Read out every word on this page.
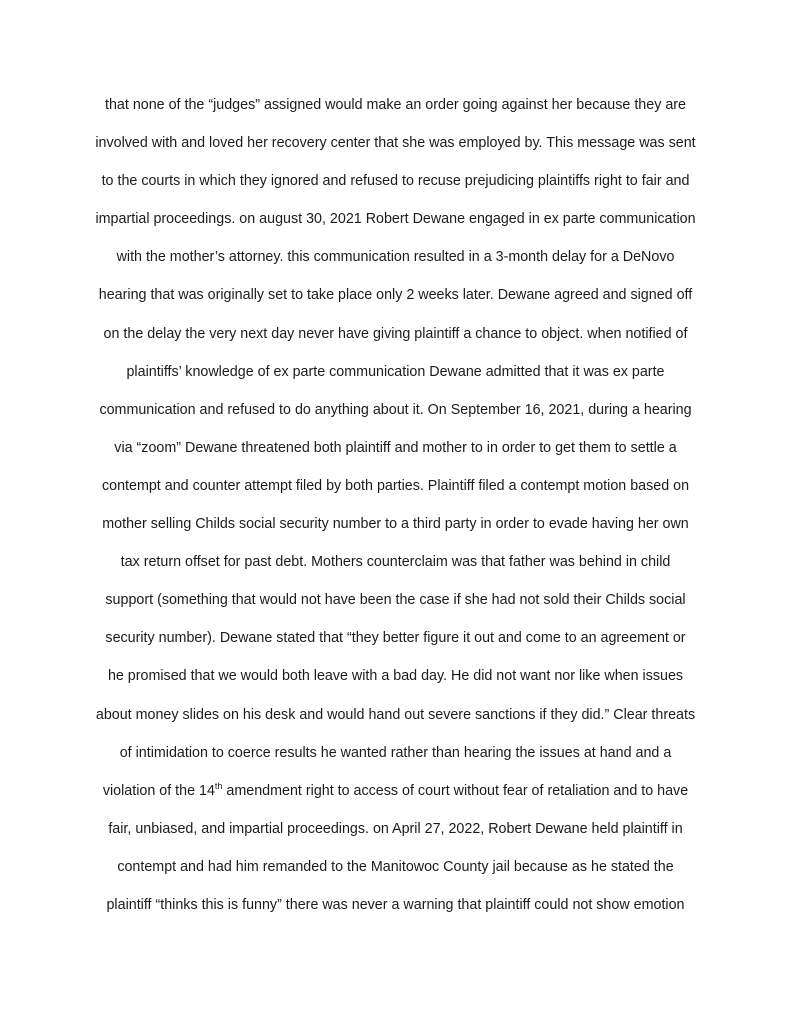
that none of the “judges” assigned would make an order going against her because they are
involved with and loved her recovery center that she was employed by. This message was sent
to the courts in which they ignored and refused to recuse prejudicing plaintiffs right to fair and
impartial proceedings. on august 30, 2021 Robert Dewane engaged in ex parte communication
with the mother’s attorney. this communication resulted in a 3-month delay for a DeNovo
hearing that was originally set to take place only 2 weeks later. Dewane agreed and signed off
on the delay the very next day never have giving plaintiff a chance to object. when notified of
plaintiffs’ knowledge of ex parte communication Dewane admitted that it was ex parte
communication and refused to do anything about it. On September 16, 2021, during a hearing
via “zoom” Dewane threatened both plaintiff and mother to in order to get them to settle a
contempt and counter attempt filed by both parties. Plaintiff filed a contempt motion based on
mother selling Childs social security number to a third party in order to evade having her own
tax return offset for past debt. Mothers counterclaim was that father was behind in child
support (something that would not have been the case if she had not sold their Childs social
security number). Dewane stated that “they better figure it out and come to an agreement or
he promised that we would both leave with a bad day. He did not want nor like when issues
about money slides on his desk and would hand out severe sanctions if they did.” Clear threats
of intimidation to coerce results he wanted rather than hearing the issues at hand and a
violation of the 14th amendment right to access of court without fear of retaliation and to have
fair, unbiased, and impartial proceedings. on April 27, 2022, Robert Dewane held plaintiff in
contempt and had him remanded to the Manitowoc County jail because as he stated the
plaintiff “thinks this is funny” there was never a warning that plaintiff could not show emotion
